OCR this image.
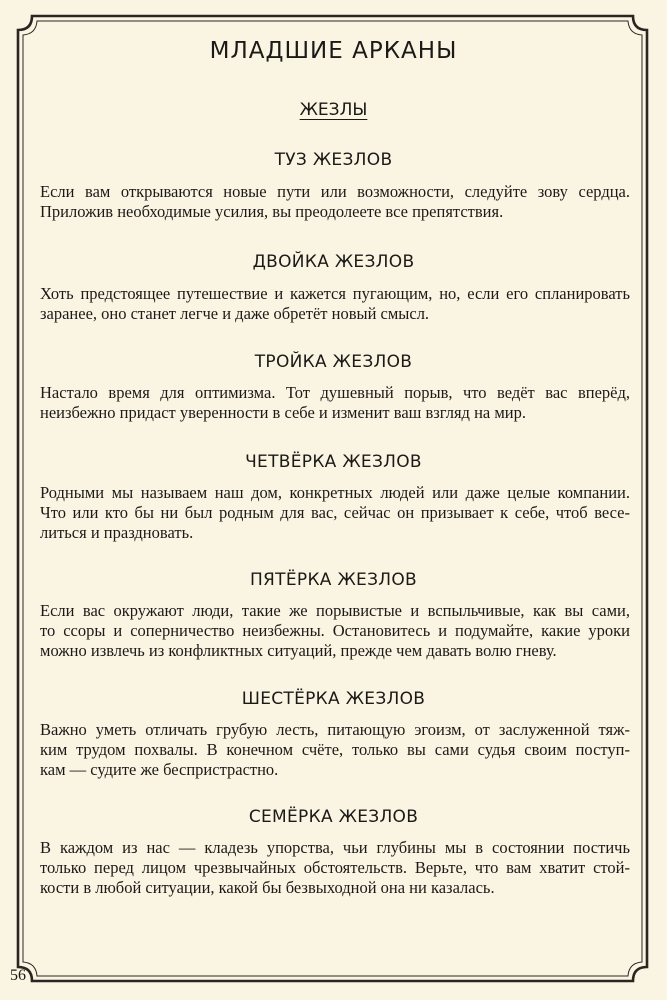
МЛАДШИЕ АРКАНЫ
ЖЕЗЛЫ
ТУЗ ЖЕЗЛОВ
Если вам открываются новые пути или возможности, следуйте зову сердца.
Приложив необходимые усилия, вы преодолеете все препятствия.
ДВОЙКА ЖЕЗЛОВ
Хоть предстоящее путешествие и кажется пугающим, но, если его спланировать
заранее, оно станет легче и даже обретёт новый смысл.
ТРОЙКА ЖЕЗЛОВ
Настало время для оптимизма. Тот душевный порыв, что ведёт вас вперёд,
неизбежно придаст уверенности в себе и изменит ваш взгляд на мир.
ЧЕТВЁРКА ЖЕЗЛОВ
Родными мы называем наш дом, конкретных людей или даже целые компании.
Что или кто бы ни был родным для вас, сейчас он призывает к себе, чтоб весе-
литься и праздновать.
ПЯТЁРКА ЖЕЗЛОВ
Если вас окружают люди, такие же порывистые и вспыльчивые, как вы сами,
то ссоры и соперничество неизбежны. Остановитесь и подумайте, какие уроки
можно извлечь из конфликтных ситуаций, прежде чем давать волю гневу.
ШЕСТЁРКА ЖЕЗЛОВ
Важно уметь отличать грубую лесть, питающую эгоизм, от заслуженной тяж-
ким трудом похвалы. В конечном счёте, только вы сами судья своим поступ-
кам — судите же беспристрастно.
СЕМЁРКА ЖЕЗЛОВ
В каждом из нас — кладезь упорства, чьи глубины мы в состоянии постичь
только перед лицом чрезвычайных обстоятельств. Верьте, что вам хватит стой-
кости в любой ситуации, какой бы безвыходной она ни казалась.
56
